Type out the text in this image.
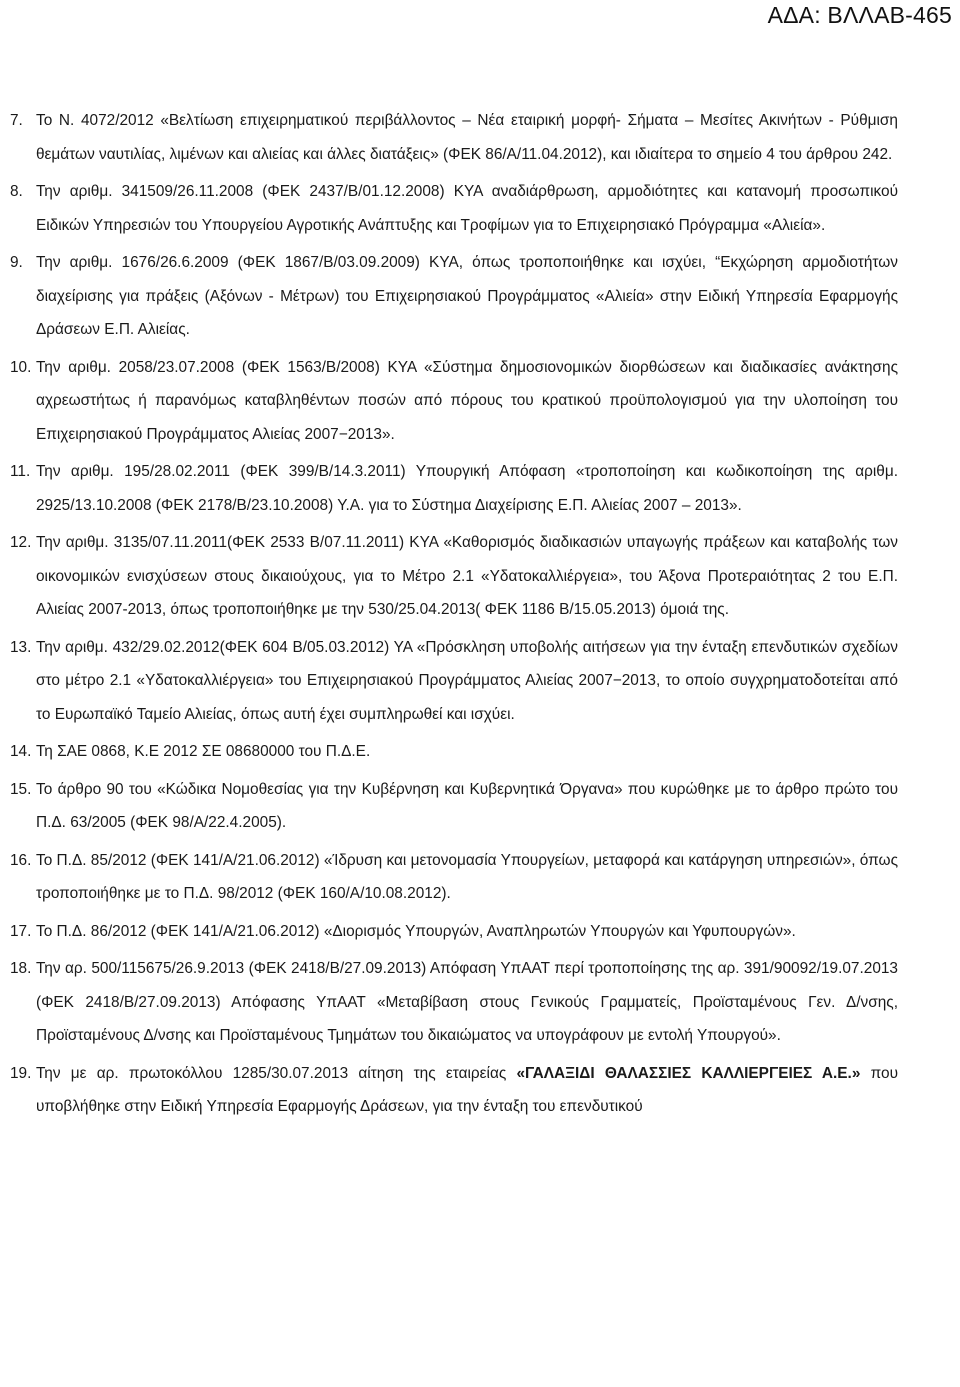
ΑΔΑ: ΒΛΛΑΒ-465
7. Το Ν. 4072/2012 «Βελτίωση επιχειρηματικού περιβάλλοντος – Νέα εταιρική μορφή- Σήματα – Μεσίτες Ακινήτων - Ρύθμιση θεμάτων ναυτιλίας, λιμένων και αλιείας και άλλες διατάξεις» (ΦΕΚ 86/Α/11.04.2012), και ιδιαίτερα το σημείο 4 του άρθρου 242.
8. Την αριθμ. 341509/26.11.2008 (ΦΕΚ 2437/Β/01.12.2008) ΚΥΑ αναδιάρθρωση, αρμοδιότητες και κατανομή προσωπικού Ειδικών Υπηρεσιών του Υπουργείου Αγροτικής Ανάπτυξης και Τροφίμων για το Επιχειρησιακό Πρόγραμμα «Αλιεία».
9. Την αριθμ. 1676/26.6.2009 (ΦΕΚ 1867/Β/03.09.2009) ΚΥΑ, όπως τροποποιήθηκε και ισχύει, “Εκχώρηση αρμοδιοτήτων διαχείρισης για πράξεις (Αξόνων - Μέτρων) του Επιχειρησιακού Προγράμματος «Αλιεία» στην Ειδική Υπηρεσία Εφαρμογής Δράσεων Ε.Π. Αλιείας.
10. Την αριθμ. 2058/23.07.2008 (ΦΕΚ 1563/Β/2008) ΚΥΑ «Σύστημα δημοσιονομικών διορθώσεων και διαδικασίες ανάκτησης αχρεωστήτως ή παρανόμως καταβληθέντων ποσών από πόρους του κρατικού προϋπολογισμού για την υλοποίηση του Επιχειρησιακού Προγράμματος Αλιείας 2007−2013».
11. Την αριθμ. 195/28.02.2011 (ΦΕΚ 399/Β/14.3.2011) Υπουργική Απόφαση «τροποποίηση και κωδικοποίηση της αριθμ. 2925/13.10.2008 (ΦΕΚ 2178/Β/23.10.2008) Υ.Α. για το Σύστημα Διαχείρισης Ε.Π. Αλιείας 2007 – 2013».
12. Την αριθμ. 3135/07.11.2011(ΦΕΚ 2533 Β/07.11.2011) ΚΥΑ «Καθορισμός διαδικασιών υπαγωγής πράξεων και καταβολής των οικονομικών ενισχύσεων στους δικαιούχους, για το Μέτρο 2.1 «Υδατοκαλλιέργεια», του Άξονα Προτεραιότητας 2 του Ε.Π. Αλιείας 2007-2013, όπως τροποποιήθηκε με την 530/25.04.2013( ΦΕΚ 1186 Β/15.05.2013) όμοιά της.
13. Την αριθμ. 432/29.02.2012(ΦΕΚ 604 Β/05.03.2012) ΥΑ «Πρόσκληση υποβολής αιτήσεων για την ένταξη επενδυτικών σχεδίων στο μέτρο 2.1 «Υδατοκαλλιέργεια» του Επιχειρησιακού Προγράμματος Αλιείας 2007−2013, το οποίο συγχρηματοδοτείται από το Ευρωπαϊκό Ταμείο Αλιείας, όπως αυτή έχει συμπληρωθεί και ισχύει.
14. Τη ΣΑΕ 0868, Κ.Ε 2012 ΣΕ 08680000 του Π.Δ.Ε.
15. Το άρθρο 90 του «Κώδικα Νομοθεσίας για την Κυβέρνηση και Κυβερνητικά Όργανα» που κυρώθηκε με το άρθρο πρώτο του Π.Δ. 63/2005 (ΦΕΚ 98/Α/22.4.2005).
16. Το Π.Δ. 85/2012 (ΦΕΚ 141/Α/21.06.2012) «Ίδρυση και μετονομασία Υπουργείων, μεταφορά και κατάργηση υπηρεσιών», όπως τροποποιήθηκε με το Π.Δ. 98/2012 (ΦΕΚ 160/Α/10.08.2012).
17. Το Π.Δ. 86/2012 (ΦΕΚ 141/Α/21.06.2012) «Διορισμός Υπουργών, Αναπληρωτών Υπουργών και Υφυπουργών».
18. Την αρ. 500/115675/26.9.2013 (ΦΕΚ 2418/Β/27.09.2013) Απόφαση ΥπΑΑΤ περί τροποποίησης της αρ. 391/90092/19.07.2013 (ΦΕΚ 2418/Β/27.09.2013) Απόφασης ΥπΑΑΤ «Μεταβίβαση στους Γενικούς Γραμματείς, Προϊσταμένους Γεν. Δ/νσης, Προϊσταμένους Δ/νσης και Προϊσταμένους Τμημάτων του δικαιώματος να υπογράφουν με εντολή Υπουργού».
19. Την με αρ. πρωτοκόλλου 1285/30.07.2013 αίτηση της εταιρείας «ΓΑΛΑΞΙΔΙ ΘΑΛΑΣΣΙΕΣ ΚΑΛΛΙΕΡΓΕΙΕΣ Α.Ε.» που υποβλήθηκε στην Ειδική Υπηρεσία Εφαρμογής Δράσεων, για την ένταξη του επενδυτικού
